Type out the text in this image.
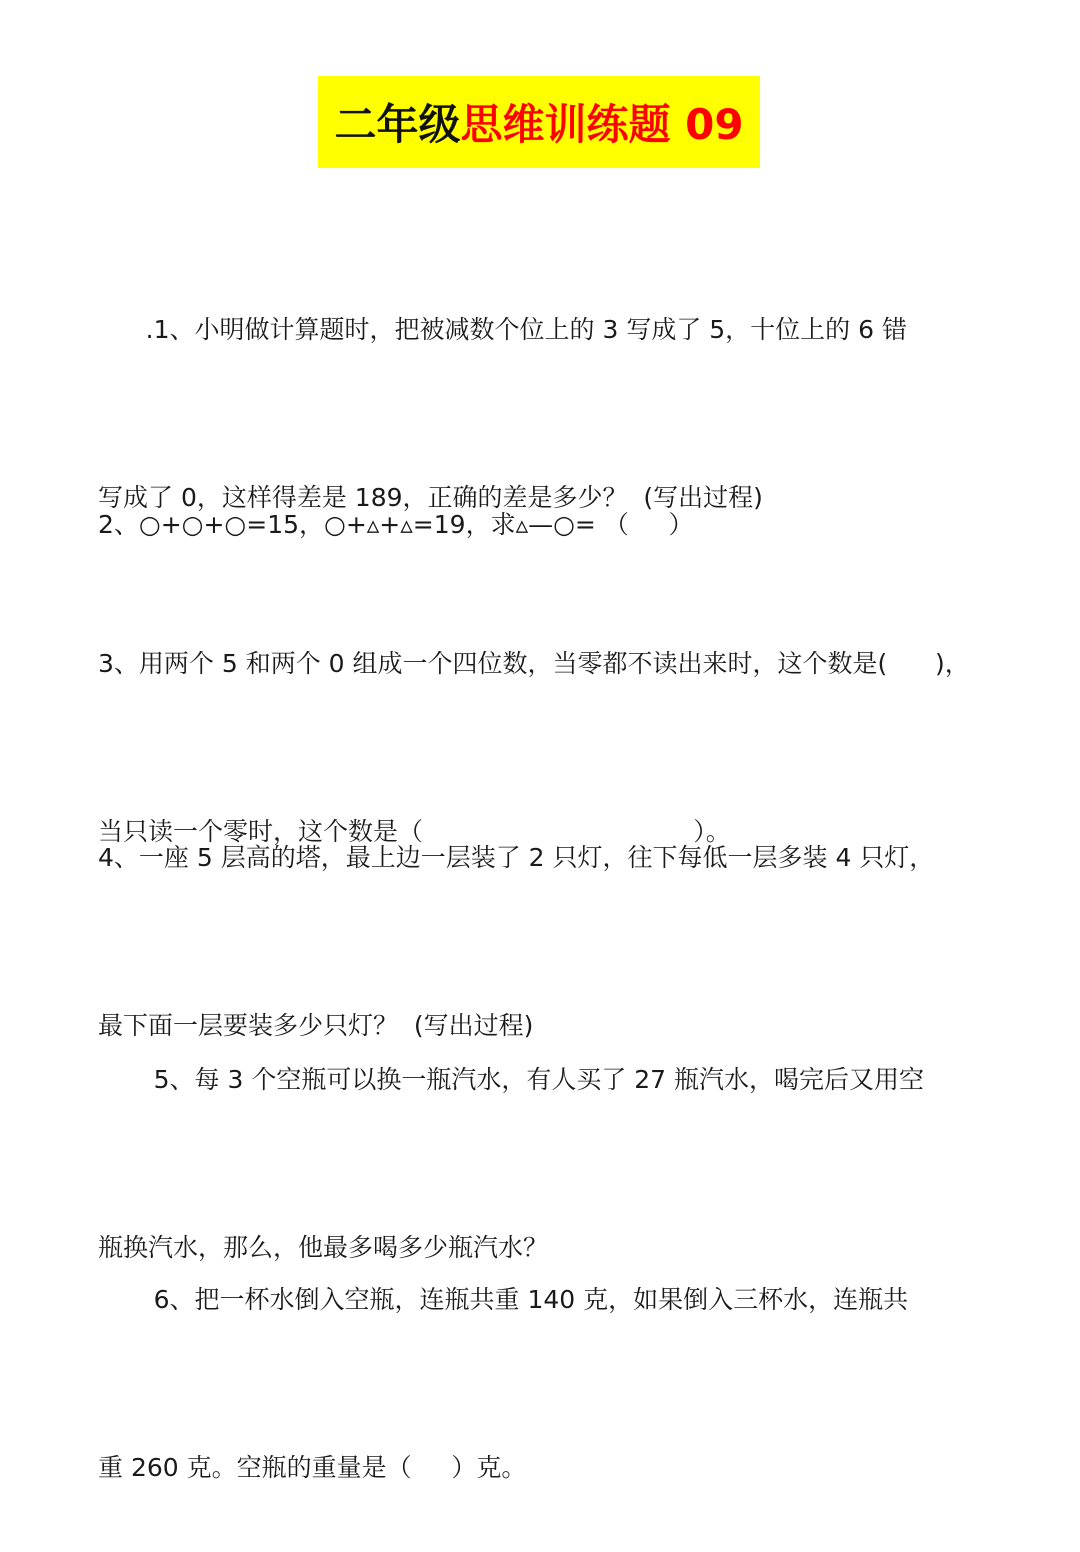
二年级 思维训练题 09

.1、小明做计算题时，把被减数个位上的 3 写成了 5，十位上的 6 错

写成了 0，这样得差是 189，正确的差是多少？  (写出过程)

2、○+○+○=15，○+▵+▵=19，求▵—○= （     ）

3、用两个 5 和两个 0 组成一个四位数，当零都不读出来时，这个数是(      )，

当只读一个零时，这个数是（                                  ）。

4、一座 5 层高的塔，最上边一层装了 2 只灯，往下每低一层多装 4 只灯，

最下面一层要装多少只灯？  (写出过程)

5、每 3 个空瓶可以换一瓶汽水，有人买了 27 瓶汽水，喝完后又用空

瓶换汽水，那么，他最多喝多少瓶汽水？

6、把一杯水倒入空瓶，连瓶共重 140 克，如果倒入三杯水，连瓶共

重 260 克。空瓶的重量是（     ）克。
